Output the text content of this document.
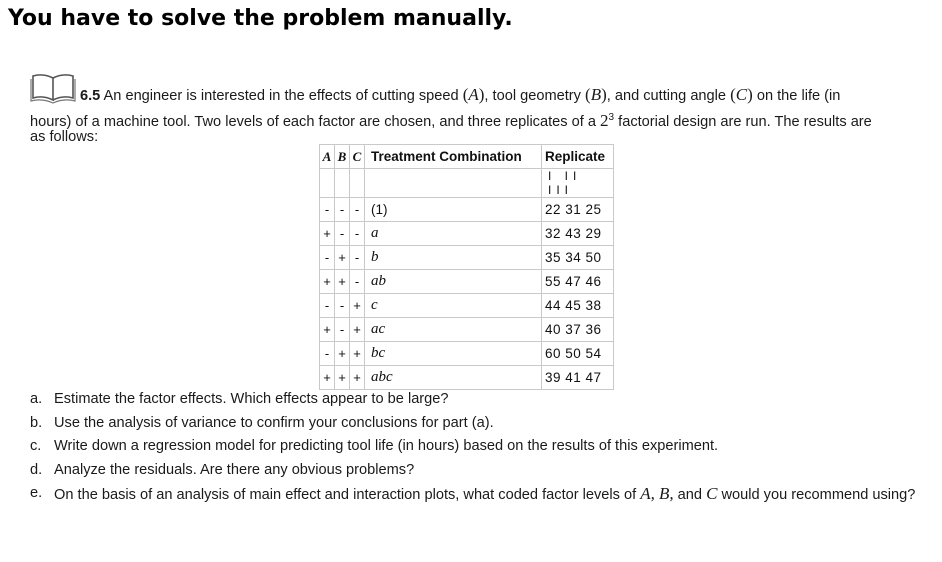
You have to solve the problem manually.
6.5 An engineer is interested in the effects of cutting speed (A), tool geometry (B), and cutting angle (C) on the life (in
hours) of a machine tool. Two levels of each factor are chosen, and three replicates of a $2^3$ factorial design are run. The results are
as follows:
A	B	C	Treatment Combination	Replicate
				I II III
-	-	-	(1)	22 31 25
+	-	-	a	32 43 29
-	+	-	b	35 34 50
+	+	-	ab	55 47 46
-	-	+	c	44 45 38
+	-	+	ac	40 37 36
-	+	+	bc	60 50 54
+	+	+	abc	39 41 47
a. Estimate the factor effects. Which effects appear to be large?
b. Use the analysis of variance to confirm your conclusions for part (a).
c. Write down a regression model for predicting tool life (in hours) based on the results of this experiment.
d. Analyze the residuals. Are there any obvious problems?
e. On the basis of an analysis of main effect and interaction plots, what coded factor levels of A, B, and C would you recommend using?
